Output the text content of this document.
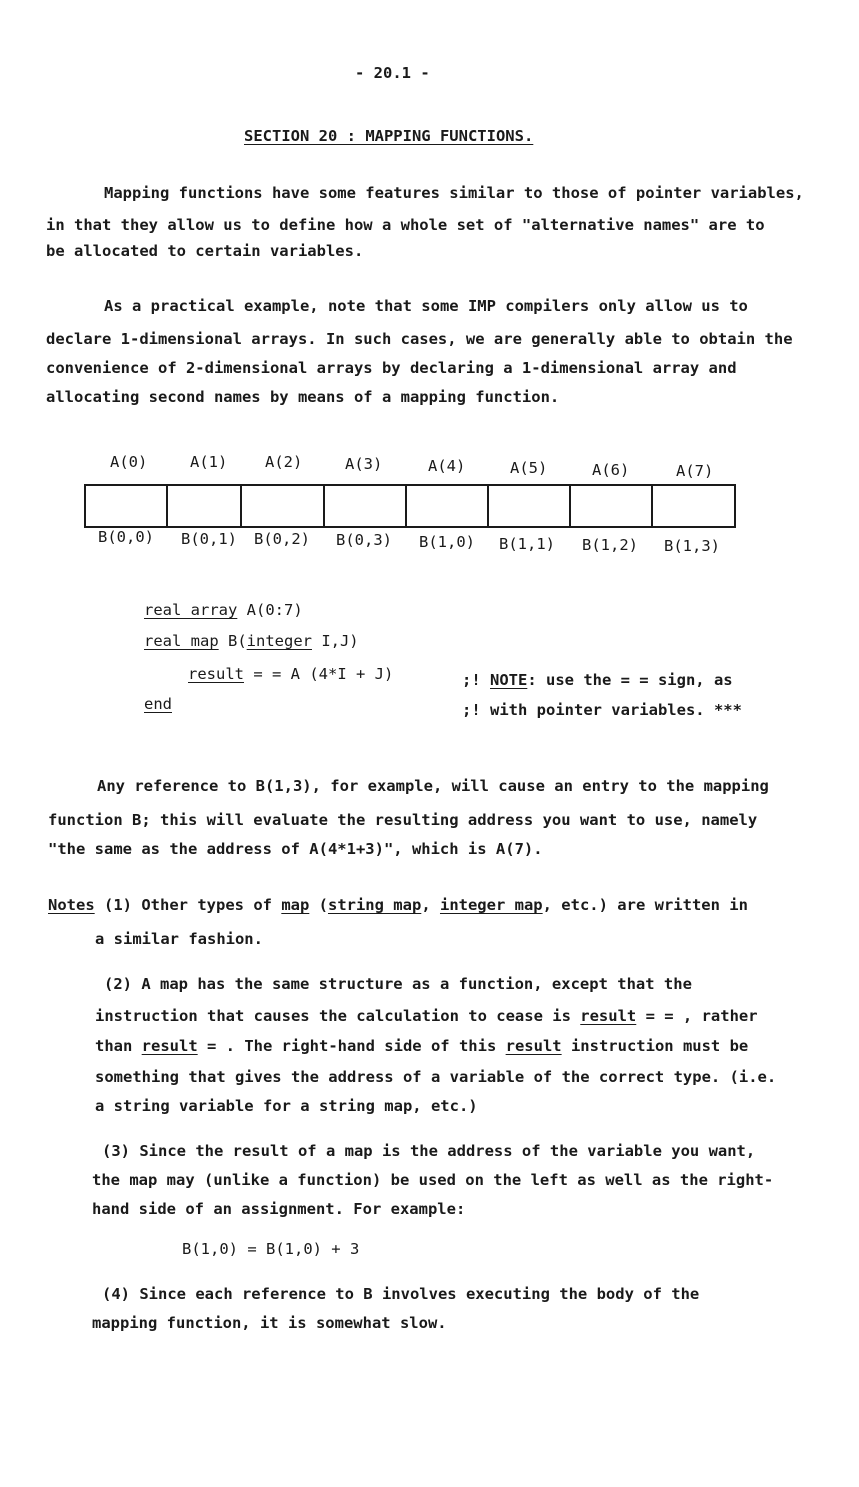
- 20.1 -
SECTION 20 : MAPPING FUNCTIONS.
Mapping functions have some features similar to those of pointer variables,
in that they allow us to define how a whole set of "alternative names" are to
be allocated to certain variables.
As a practical example, note that some IMP compilers only allow us to
declare 1-dimensional arrays. In such cases, we are generally able to obtain the
convenience of 2-dimensional arrays by declaring a 1-dimensional array and
allocating second names by means of a mapping function.
A(0)	A(1) A(2)	A(3)	A(4)	A(5)	A(6)	A(7)
B(0,0) B(0,1) B(0,2) B(0,3) B(1,0) B(1,1) B(1,2) B(1,3)
real array A(0:7)
real map B(integer I,J)
result = = A (4*I + J)
end
;! NOTE: use the = = sign, as
;! with pointer variables. ***
Any reference to B(1,3), for example, will cause an entry to the mapping
function B; this will evaluate the resulting address you want to use, namely
"the same as the address of A(4*1+3)", which is A(7).
Notes (1) Other types of map (string map, integer map, etc.) are written in
a similar fashion.
(2) A map has the same structure as a function, except that the
instruction that causes the calculation to cease is result = = , rather
than result = . The right-hand side of this result instruction must be
something that gives the address of a variable of the correct type. (i.e.
a string variable for a string map, etc.)
(3) Since the result of a map is the address of the variable you want,
the map may (unlike a function) be used on the left as well as the right-
hand side of an assignment. For example:
B(1,0) = B(1,0) + 3
(4) Since each reference to B involves executing the body of the
mapping function, it is somewhat slow.
